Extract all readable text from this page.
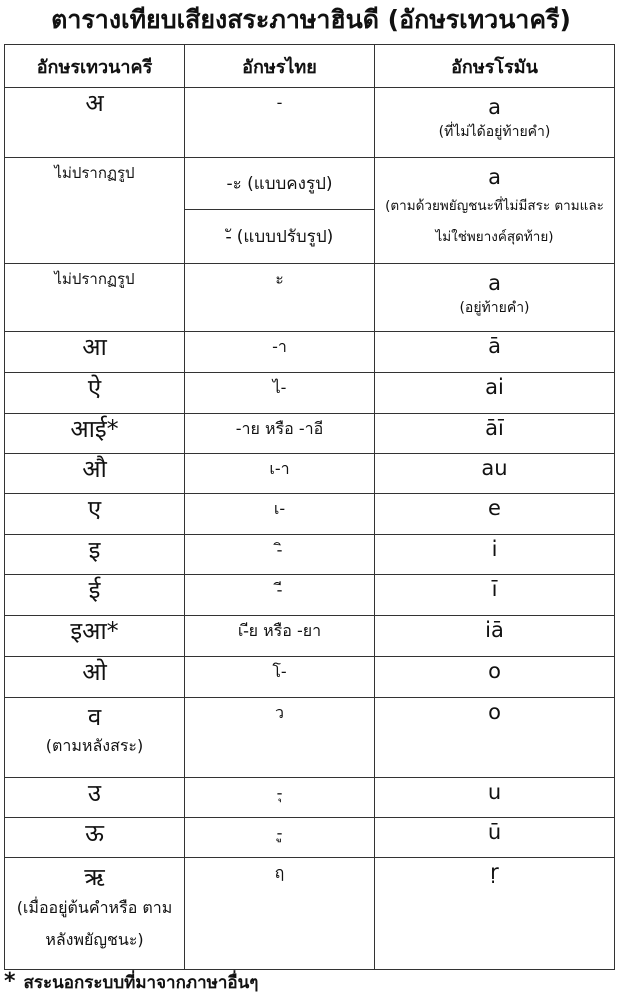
ตารางเทียบเสียงสระภาษาฮินดี (อักษรเทวนาครี)
อักษรเทวนาครี	อักษรไทย	อักษรโรมัน
अ	-	a
(ที่ไม่ได้อยู่ท้ายคำ)

ไม่ปรากฏรูป	-ะ (แบบคงรูป)	a
(ตามด้วยพยัญชนะที่ไม่มีสระ ตามและไม่ใช่พยางค์สุดท้าย)

	-ั (แบบปรับรูป)	
ไม่ปรากฏรูป	ะ	a
(อยู่ท้ายคำ)

आ	-า	ā
ऐ	ไ-	ai
आई*	-าย หรือ -าอี	āī
औ	เ-า	au
ए	เ-	e
इ	-ิ	i
ई	-ี	ī
इआ*	เ-ีย หรือ -ยา	iā
ओ	โ-	o

व
(ตามหลังสระ)	ว	o
उ	-ุ	u
ऊ	-ู	ū

ऋ
(เมื่ออยู่ต้นคำหรือ ตามหลังพยัญชนะ)	ฤ	ṛ
* สระนอกระบบที่มาจากภาษาอื่นๆ
